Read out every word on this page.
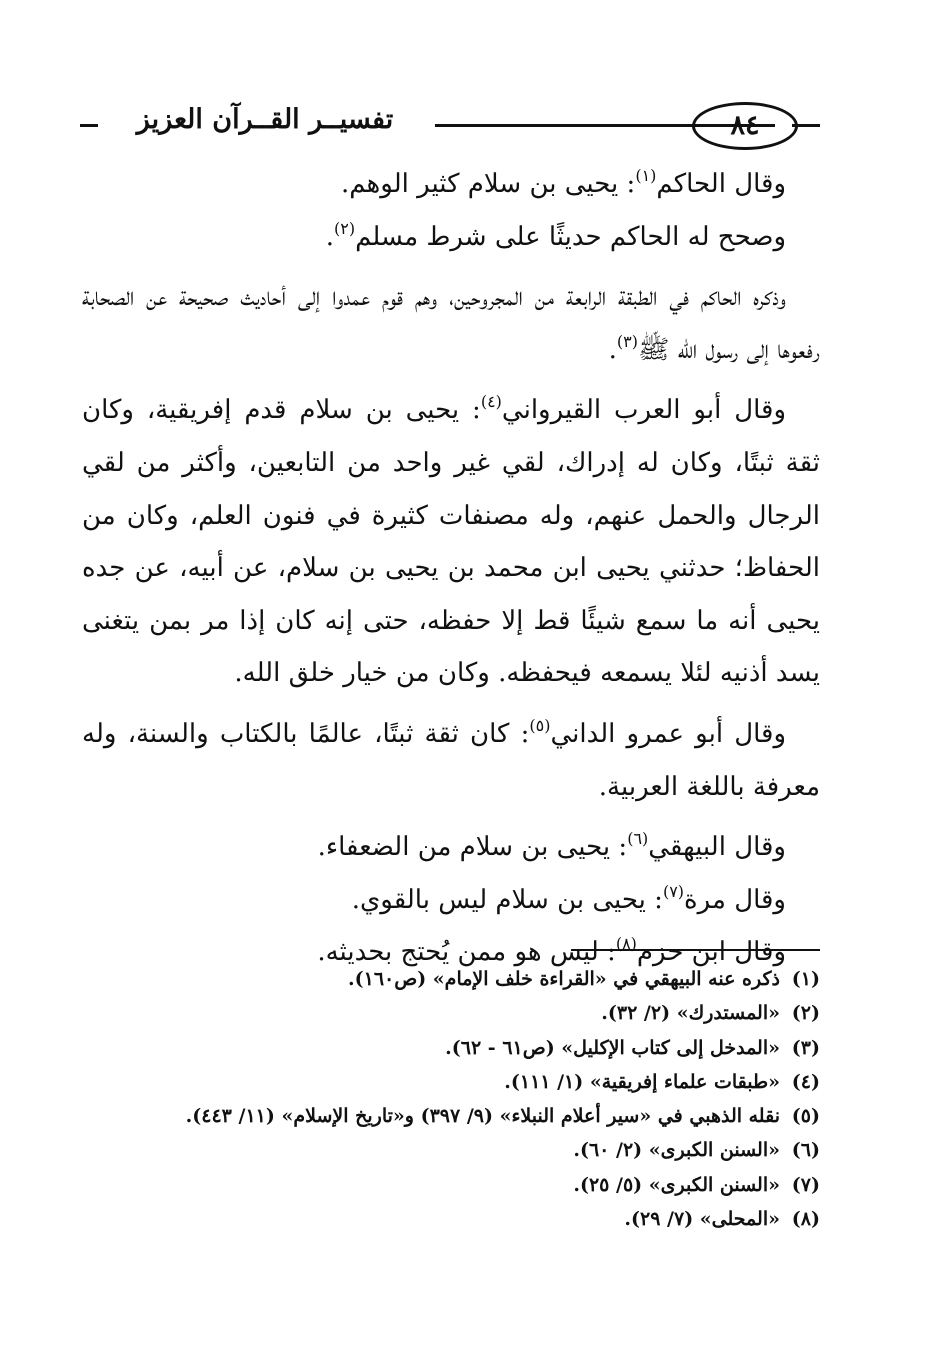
تفسيــر القــرآن العزيز	٨٤

وقال الحاكم$^{(١)}$: يحيى بن سلام كثير الوهم.

وصحح له الحاكم حديثًا على شرط مسلم$^{(٢)}$.

وذكره الحاكم في الطبقة الرابعة من المجروحين، وهم قوم عمدوا إلى أحاديث صحيحة عن الصحابة رفعوها إلى رسول الله ﷺ$^{(٣)}$.

وقال أبو العرب القيرواني$^{(٤)}$: يحيى بن سلام قدم إفريقية، وكان ثقة ثبتًا، وكان له إدراك، لقي غير واحد من التابعين، وأكثر من لقي الرجال والحمل عنهم، وله مصنفات كثيرة في فنون العلم، وكان من الحفاظ؛ حدثني يحيى ابن محمد بن يحيى بن سلام، عن أبيه، عن جده يحيى أنه ما سمع شيئًا قط إلا حفظه، حتى إنه كان إذا مر بمن يتغنى يسد أذنيه لئلا يسمعه فيحفظه. وكان من خيار خلق الله.

وقال أبو عمرو الداني$^{(٥)}$: كان ثقة ثبتًا، عالمًا بالكتاب والسنة، وله معرفة باللغة العربية.

وقال البيهقي$^{(٦)}$: يحيى بن سلام من الضعفاء.

وقال مرة$^{(٧)}$: يحيى بن سلام ليس بالقوي.

وقال ابن حزم$^{(٨)}$: ليس هو ممن يُحتج بحديثه.

(١)ذكره عنه البيهقي في «القراءة خلف الإمام» (ص١٦٠).
(٢)«المستدرك» (٢/ ٣٢).
(٣)«المدخل إلى كتاب الإكليل» (ص٦١ - ٦٢).
(٤)«طبقات علماء إفريقية» (١/ ١١١).
(٥)نقله الذهبي في «سير أعلام النبلاء» (٩/ ٣٩٧) و«تاريخ الإسلام» (١١/ ٤٤٣).
(٦)«السنن الكبرى» (٢/ ٦٠).
(٧)«السنن الكبرى» (٥/ ٢٥).
(٨)«المحلى» (٧/ ٢٩).
